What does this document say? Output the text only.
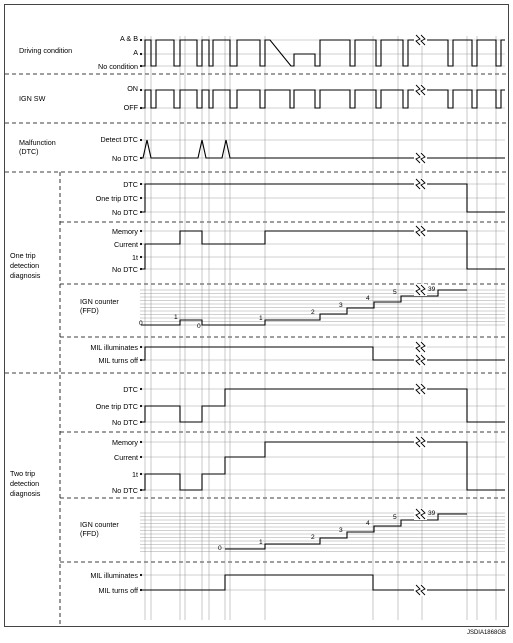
Driving condition
IGN SW
Malfunction
(DTC)
One trip
detection
diagnosis
IGN counter
(FFD)
Two trip
detection
diagnosis
IGN counter
(FFD)
A & B
A
No condition
ON
OFF
Detect DTC
No DTC
DTC
One trip DTC
No DTC
Memory
Current
1t
No DTC
MIL illuminates
MIL turns off
DTC
One trip DTC
No DTC
Memory
Current
1t
No DTC
MIL illuminates
MIL turns off
0
1
0
1
2
3
4
5	39
0
1
2
3
4
5
39
JSDIA1868GB
